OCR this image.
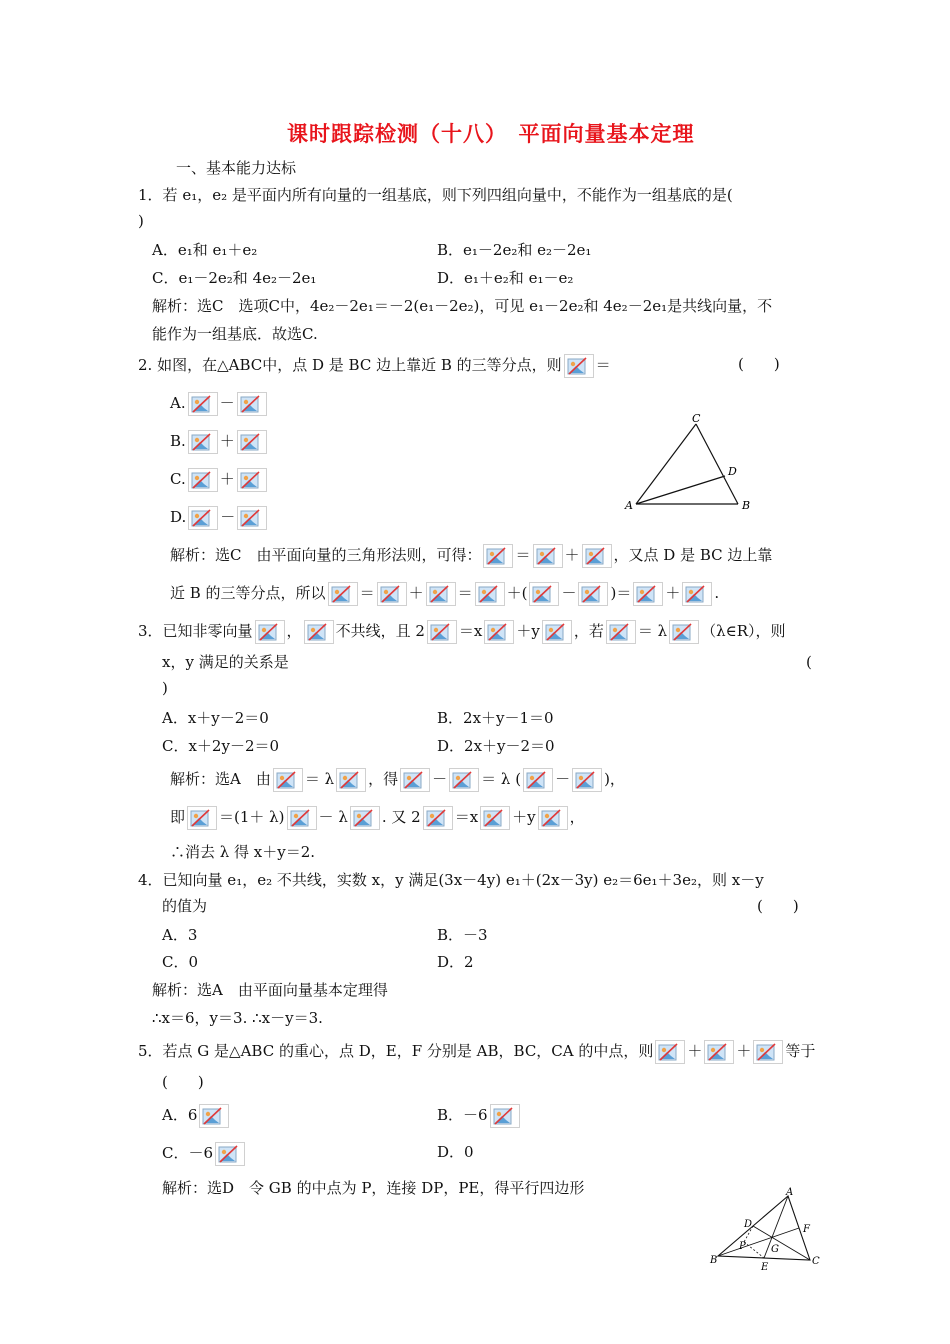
课时跟踪检测（十八）　平面向量基本定理
一、基本能力达标
1．若 e₁，e₂ 是平面内所有向量的一组基底，则下列四组向量中，不能作为一组基底的是(
)
A．e₁和 e₁＋e₂	B．e₁－2e₂和 e₂－2e₁
C．e₁－2e₂和 4e₂－2e₁	D．e₁＋e₂和 e₁－e₂
解析：选C　选项C中，4e₂－2e₁＝－2(e₁－2e₂)，可见 e₁－2e₂和 4e₂－2e₁是共线向量，不
能作为一组基底．故选C.
2. 如图，在△ABC中，点 D 是 BC 边上靠近 B 的三等分点，则 ＝	(　　)
A. －
B. ＋
C. ＋
D. －
C
A	B
D
解析：选C　由平面向量的三角形法则，可得： ＝ ＋ ，又点 D 是 BC 边上靠
近 B 的三等分点，所以 ＝ ＋ ＝ ＋( － )＝ ＋ .
3．已知非零向量 ， 不共线，且 2 ＝x ＋y ，若 ＝ λ （λ∈R），则
x，y 满足的关系是	(
)
A．x＋y－2＝0	B．2x＋y－1＝0
C．x＋2y－2＝0	D．2x＋y－2＝0
解析：选A　由 ＝ λ ，得 － ＝ λ ( － )，
即 ＝(1＋ λ) － λ . 又 2 ＝x ＋y ，
∴消去 λ 得 x＋y＝2.
4．已知向量 e₁，e₂ 不共线，实数 x，y 满足(3x－4y) e₁＋(2x－3y) e₂＝6e₁＋3e₂，则 x－y
的值为	(　　)
A．3	B．－3
C．0	D．2
解析：选A　由平面向量基本定理得
∴x＝6，y＝3. ∴x－y＝3.
5．若点 G 是△ABC 的重心，点 D，E，F 分别是 AB，BC，CA 的中点，则 ＋ ＋ 等于
(　　)
A．6	B．－6
C．－6	D．0
解析：选D　令 GB 的中点为 P，连接 DP，PE，得平行四边形	A
B	C
D
E
F
G
P
